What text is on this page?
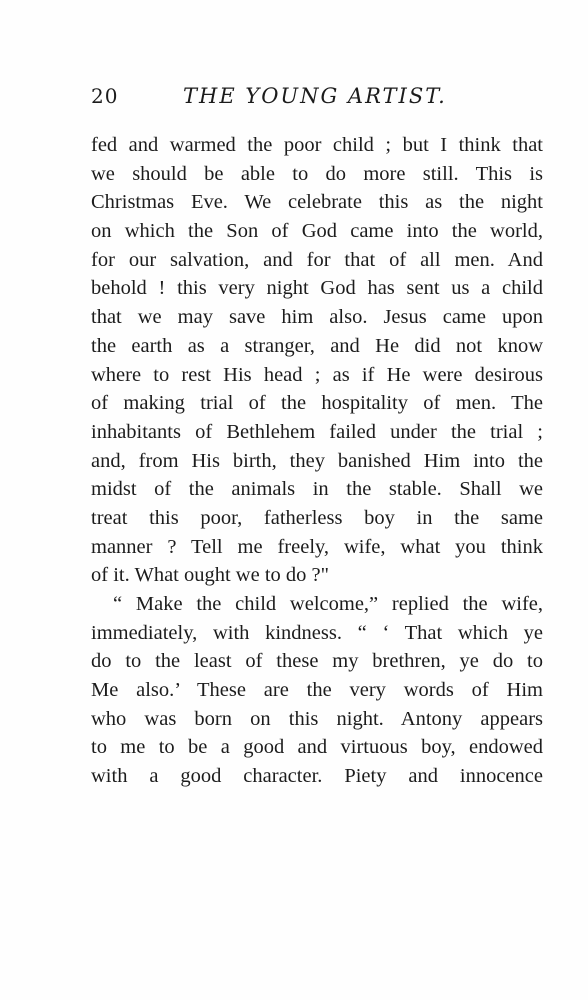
20	THE YOUNG ARTIST.
fed and warmed the poor child ; but I think that
we should be able to do more still. This is
Christmas Eve. We celebrate this as the night
on which the Son of God came into the world,
for our salvation, and for that of all men. And
behold ! this very night God has sent us a child
that we may save him also. Jesus came upon
the earth as a stranger, and He did not know
where to rest His head ; as if He were desirous
of making trial of the hospitality of men. The
inhabitants of Bethlehem failed under the trial ;
and, from His birth, they banished Him into the
midst of the animals in the stable. Shall we
treat this poor, fatherless boy in the same
manner ? Tell me freely, wife, what you think
of it. What ought we to do ?"
“ Make the child welcome,” replied the wife,
immediately, with kindness. “ ‘ That which ye
do to the least of these my brethren, ye do to
Me also.’ These are the very words of Him
who was born on this night. Antony appears
to me to be a good and virtuous boy, endowed
with a good character. Piety and innocence
